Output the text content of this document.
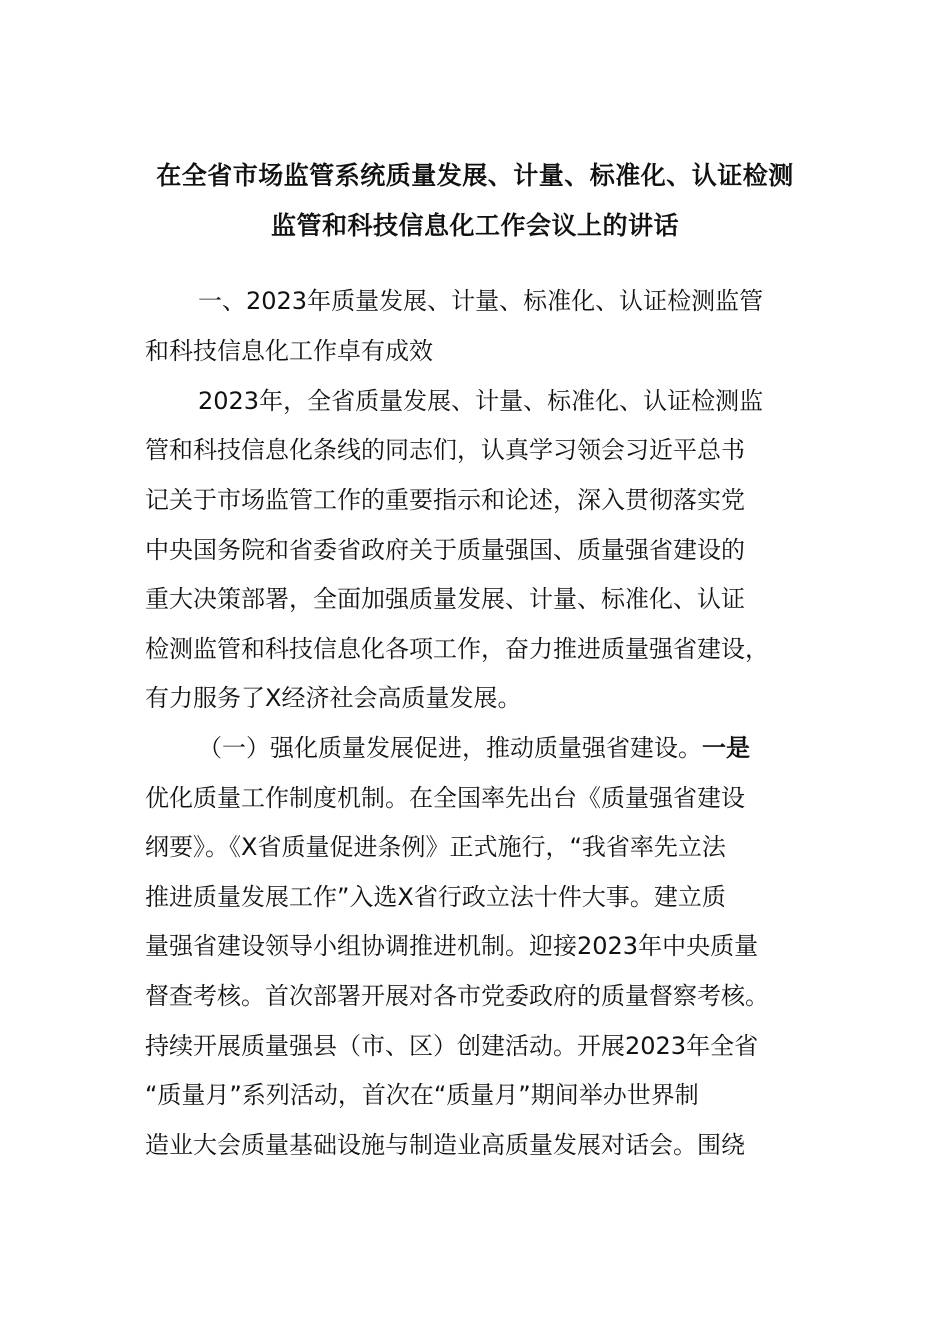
在全省市场监管系统质量发展、计量、标准化、认证检测
监管和科技信息化工作会议上的讲话
一、2023年质量发展、计量、标准化、认证检测监管
和科技信息化工作卓有成效
2023年，全省质量发展、计量、标准化、认证检测监
管和科技信息化条线的同志们，认真学习领会习近平总书
记关于市场监管工作的重要指示和论述，深入贯彻落实党
中央国务院和省委省政府关于质量强国、质量强省建设的
重大决策部署，全面加强质量发展、计量、标准化、认证
检测监管和科技信息化各项工作，奋力推进质量强省建设，
有力服务了X经济社会高质量发展。
（一）强化质量发展促进，推动质量强省建设。一是
优化质量工作制度机制。在全国率先出台《质量强省建设
纲要》。《X省质量促进条例》正式施行，“我省率先立法
推进质量发展工作”入选X省行政立法十件大事。建立质
量强省建设领导小组协调推进机制。迎接2023年中央质量
督查考核。首次部署开展对各市党委政府的质量督察考核。
持续开展质量强县（市、区）创建活动。开展2023年全省
“质量月”系列活动，首次在“质量月”期间举办世界制
造业大会质量基础设施与制造业高质量发展对话会。围绕
